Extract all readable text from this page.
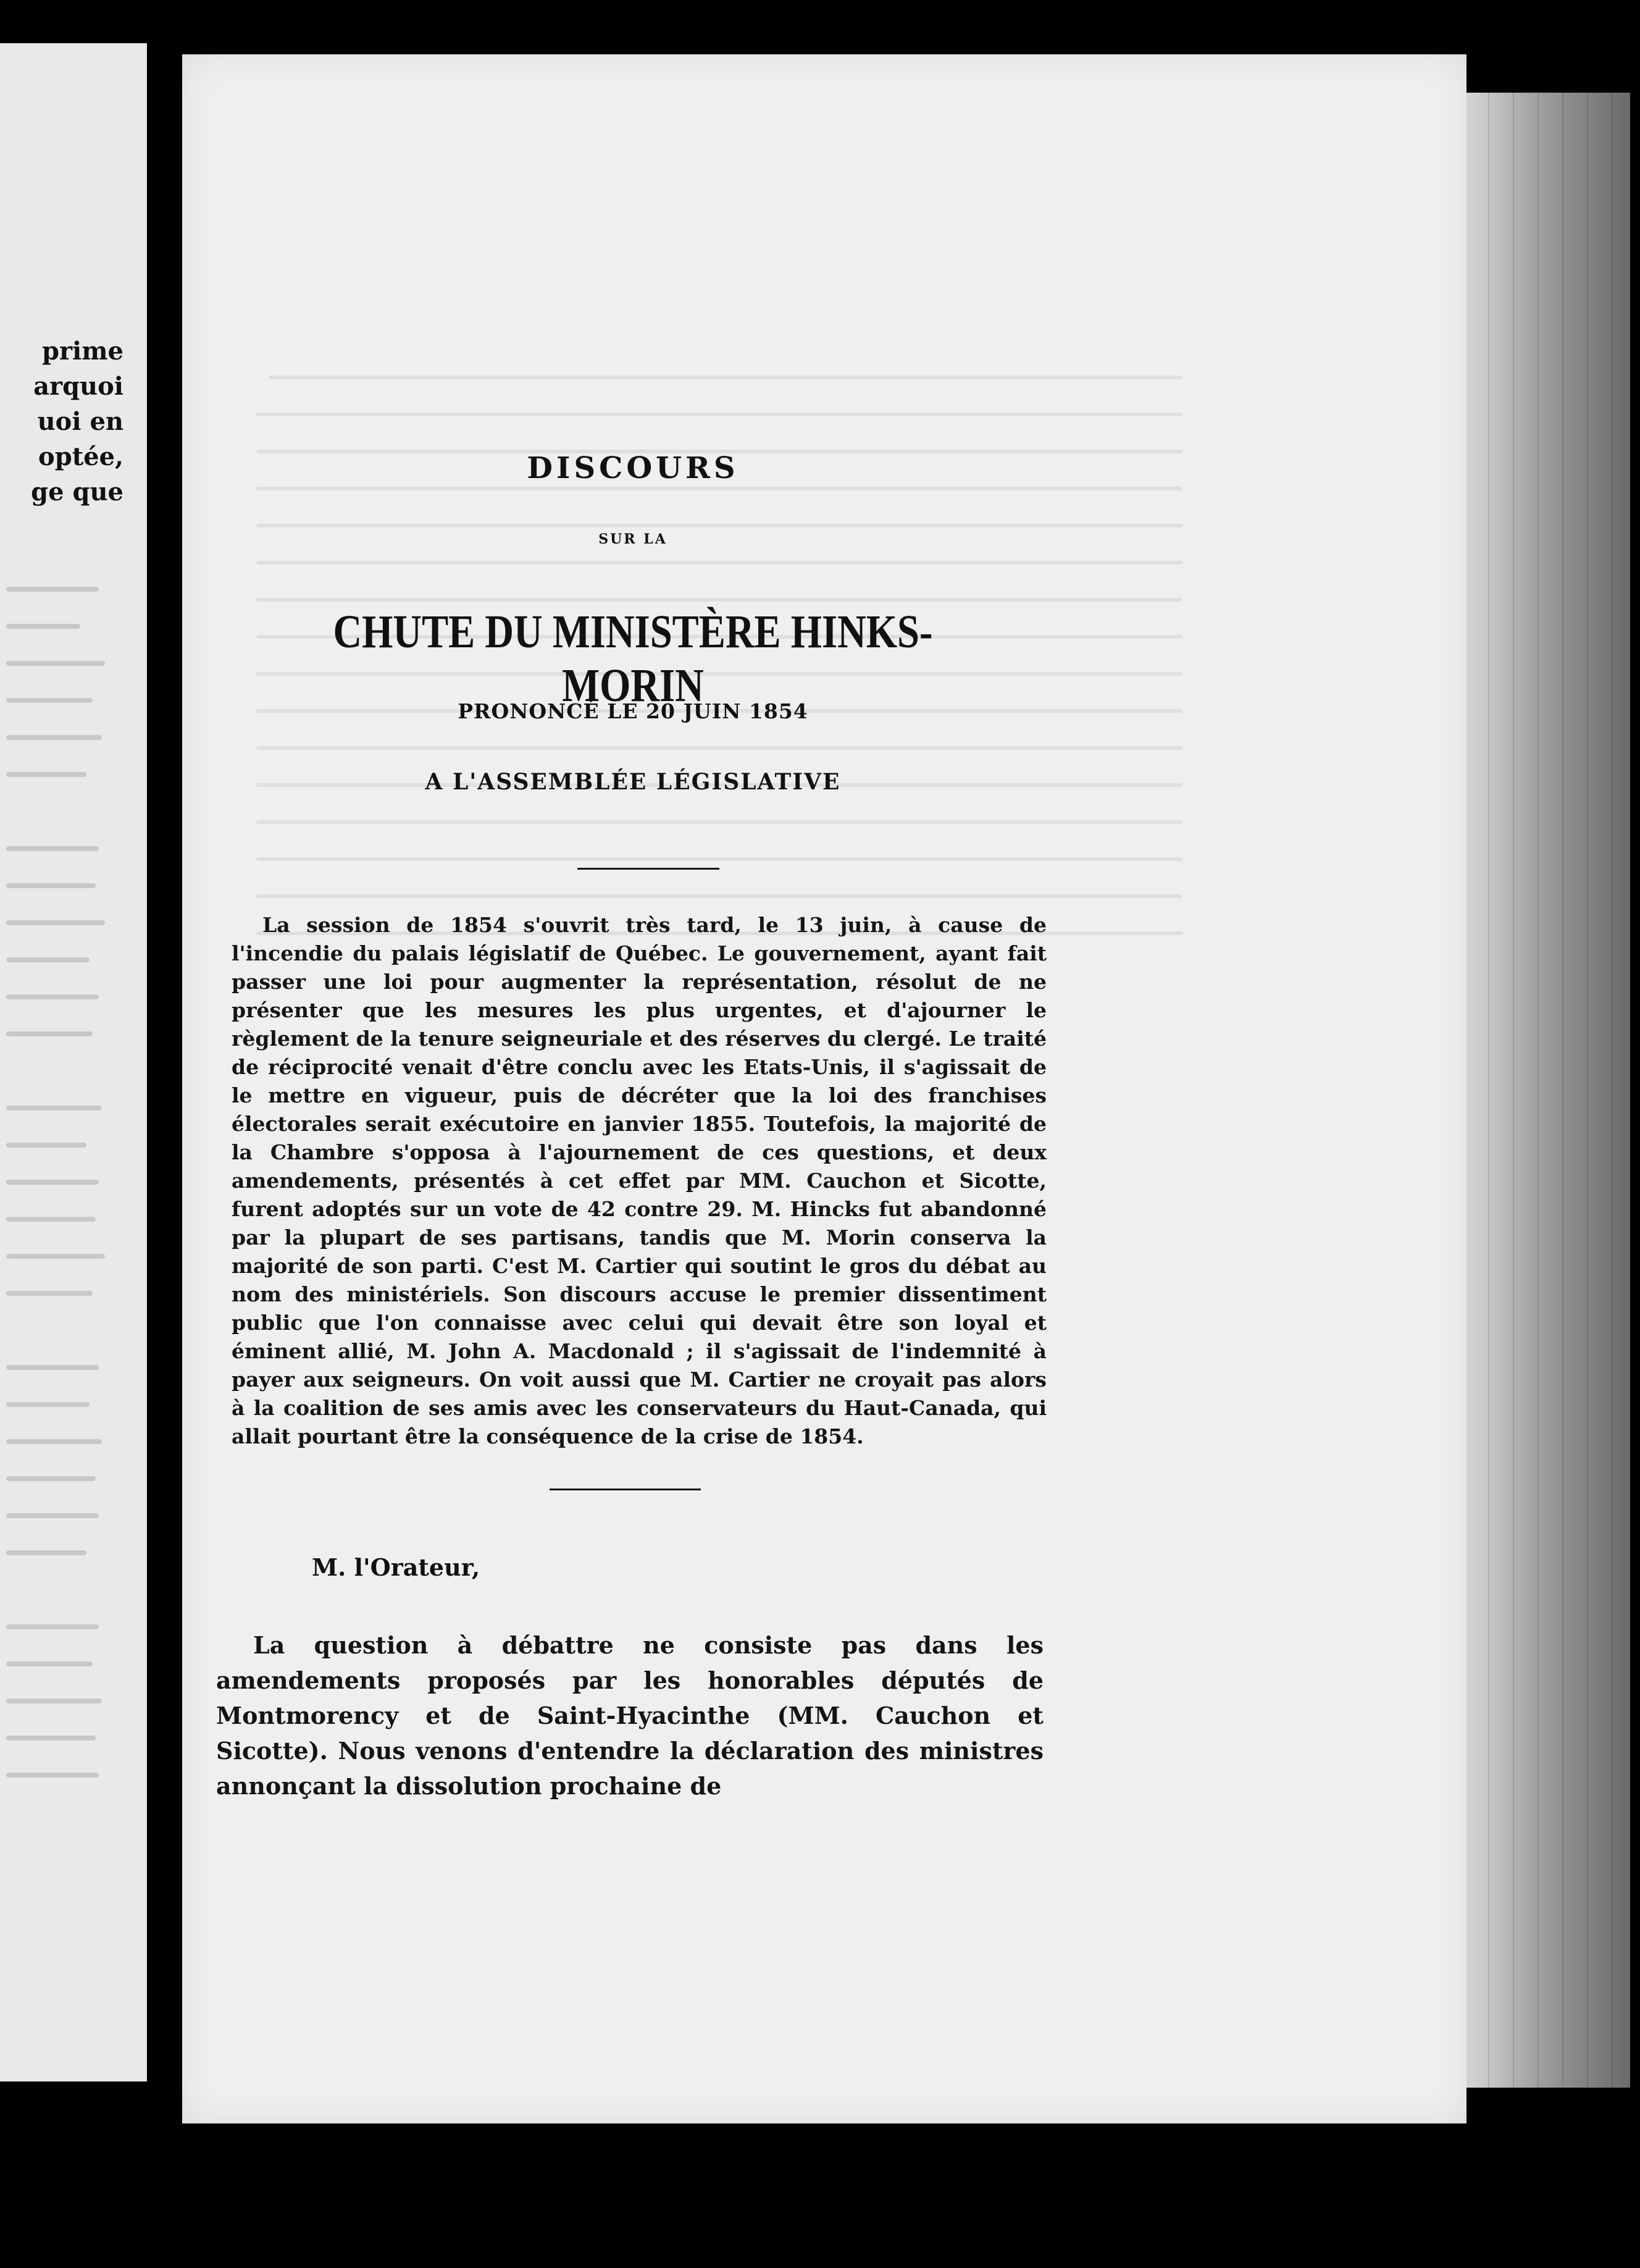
prime
arquoi
uoi en
optée,
ge que
DISCOURS
SUR LA
CHUTE DU MINISTÈRE HINKS-MORIN
PRONONCÉ LE 20 JUIN 1854
A L'ASSEMBLÉE LÉGISLATIVE

La session de 1854 s'ouvrit très tard, le 13 juin, à cause de l'incendie du palais législatif de Québec. Le gouvernement, ayant fait passer une loi pour augmenter la représentation, résolut de ne présenter que les mesures les plus urgentes, et d'ajourner le règlement de la tenure seigneuriale et des réserves du clergé. Le traité de réciprocité venait d'être conclu avec les Etats-Unis, il s'agissait de le mettre en vigueur, puis de décréter que la loi des franchises électorales serait exécutoire en janvier 1855. Toutefois, la majorité de la Chambre s'opposa à l'ajournement de ces questions, et deux amendements, présentés à cet effet par MM. Cauchon et Sicotte, furent adoptés sur un vote de 42 contre 29. M. Hincks fut abandonné par la plupart de ses partisans, tandis que M. Morin conserva la majorité de son parti. C'est M. Cartier qui soutint le gros du débat au nom des ministériels. Son discours accuse le premier dissentiment public que l'on connaisse avec celui qui devait être son loyal et éminent allié, M. John A. Macdonald ; il s'agissait de l'indemnité à payer aux seigneurs. On voit aussi que M. Cartier ne croyait pas alors à la coalition de ses amis avec les conservateurs du Haut-Canada, qui allait pourtant être la conséquence de la crise de 1854.

M. l'Orateur,

La question à débattre ne consiste pas dans les amendements proposés par les honorables députés de Montmorency et de Saint-Hyacinthe (MM. Cauchon et Sicotte). Nous venons d'entendre la déclaration des ministres annonçant la dissolution prochaine de
